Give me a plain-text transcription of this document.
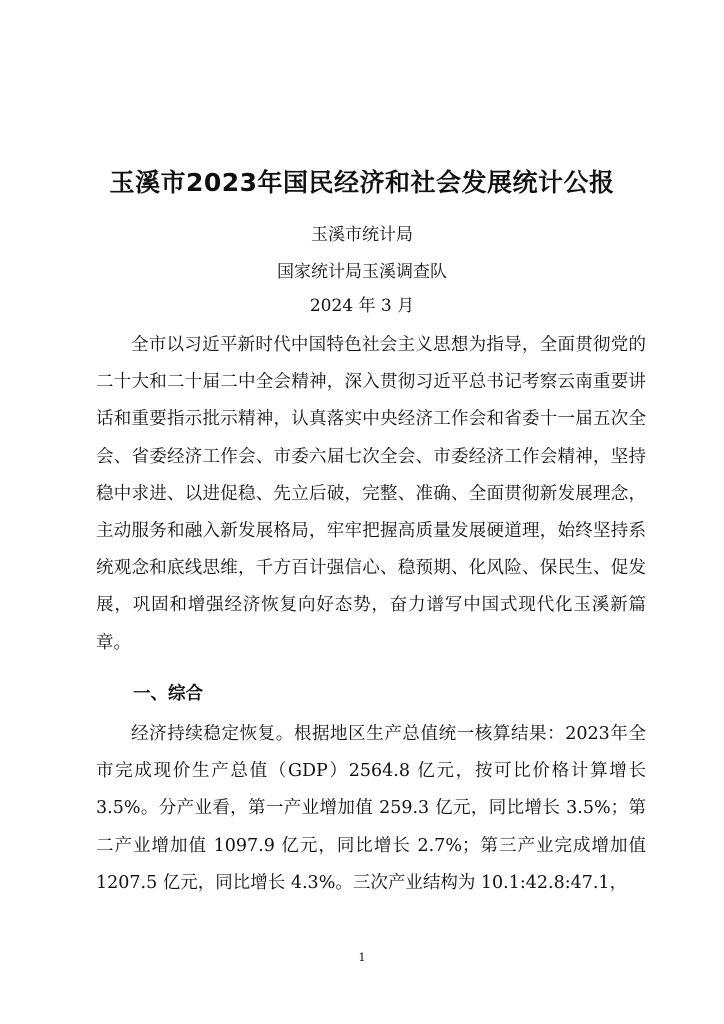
玉溪市2023年国民经济和社会发展统计公报
玉溪市统计局
国家统计局玉溪调查队
2024 年 3 月

全市以习近平新时代中国特色社会主义思想为指导，全面贯彻党的二十大和二十届二中全会精神，深入贯彻习近平总书记考察云南重要讲话和重要指示批示精神，认真落实中央经济工作会和省委十一届五次全会、省委经济工作会、市委六届七次全会、市委经济工作会精神，坚持稳中求进、以进促稳、先立后破，完整、准确、全面贯彻新发展理念，主动服务和融入新发展格局，牢牢把握高质量发展硬道理，始终坚持系统观念和底线思维，千方百计强信心、稳预期、化风险、保民生、促发展，巩固和增强经济恢复向好态势，奋力谱写中国式现代化玉溪新篇章。

一、综合

经济持续稳定恢复。根据地区生产总值统一核算结果：2023年全市完成现价生产总值（GDP）2564.8 亿元，按可比价格计算增长 3.5%。分产业看，第一产业增加值 259.3 亿元，同比增长 3.5%；第二产业增加值 1097.9 亿元，同比增长 2.7%；第三产业完成增加值 1207.5 亿元，同比增长 4.3%。三次产业结构为 10.1:42.8:47.1，

1
